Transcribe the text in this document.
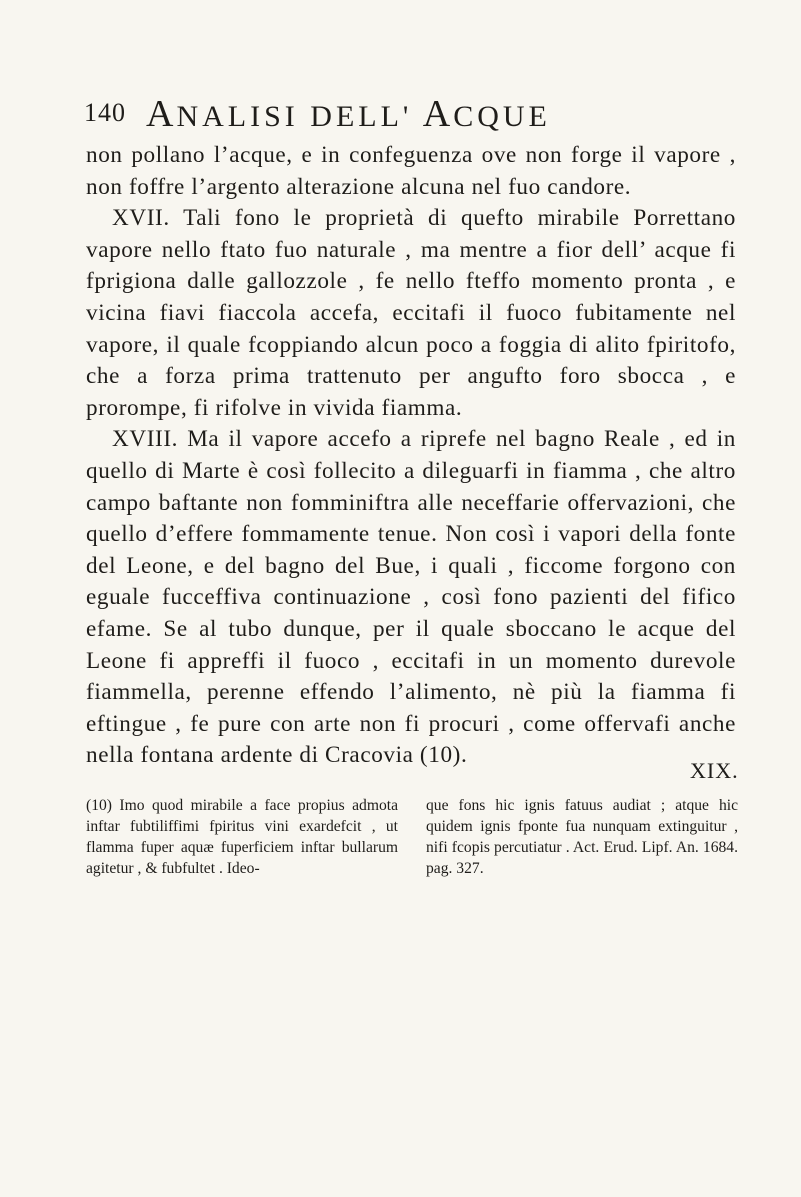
140 ANALISI DELL' ACQUE

non pollano l’acque, e in confeguenza ove non forge il vapore , non foffre l’argento alterazione alcuna nel fuo candore.

XVII. Tali fono le proprietà di quefto mirabile Porrettano vapore nello ftato fuo naturale , ma mentre a fior dell’ acque fi fprigiona dalle gallozzole , fe nello fteffo momento pronta , e vicina fiavi fiaccola accefa, eccitafi il fuoco fubitamente nel vapore, il quale fcoppiando alcun poco a foggia di alito fpiritofo, che a forza prima trattenuto per angufto foro sbocca , e prorompe, fi rifolve in vivida fiamma.

XVIII. Ma il vapore accefo a riprefe nel bagno Reale , ed in quello di Marte è così follecito a dileguarfi in fiamma , che altro campo baftante non fomminiftra alle neceffarie offervazioni, che quello d’effere fommamente tenue. Non così i vapori della fonte del Leone, e del bagno del Bue, i quali , ficcome forgono con eguale fucceffiva continuazione , così fono pazienti del fifico efame. Se al tubo dunque, per il quale sboccano le acque del Leone fi appreffi il fuoco , eccitafi in un momento durevole fiammella, perenne effendo l’alimento, nè più la fiamma fi eftingue , fe pure con arte non fi procuri , come offervafi anche nella fontana ardente di Cracovia (10).

XIX.
(10) Imo quod mirabile a face propius admota inftar fubtiliffimi fpiritus vini exardefcit , ut flamma fuper aquæ fuperficiem inftar bullarum agitetur , & fubfultet . Ideo-
que fons hic ignis fatuus audiat ; atque hic quidem ignis fponte fua nunquam extinguitur , nifi fcopis percutiatur . Act. Erud. Lipf. An. 1684. pag. 327.
